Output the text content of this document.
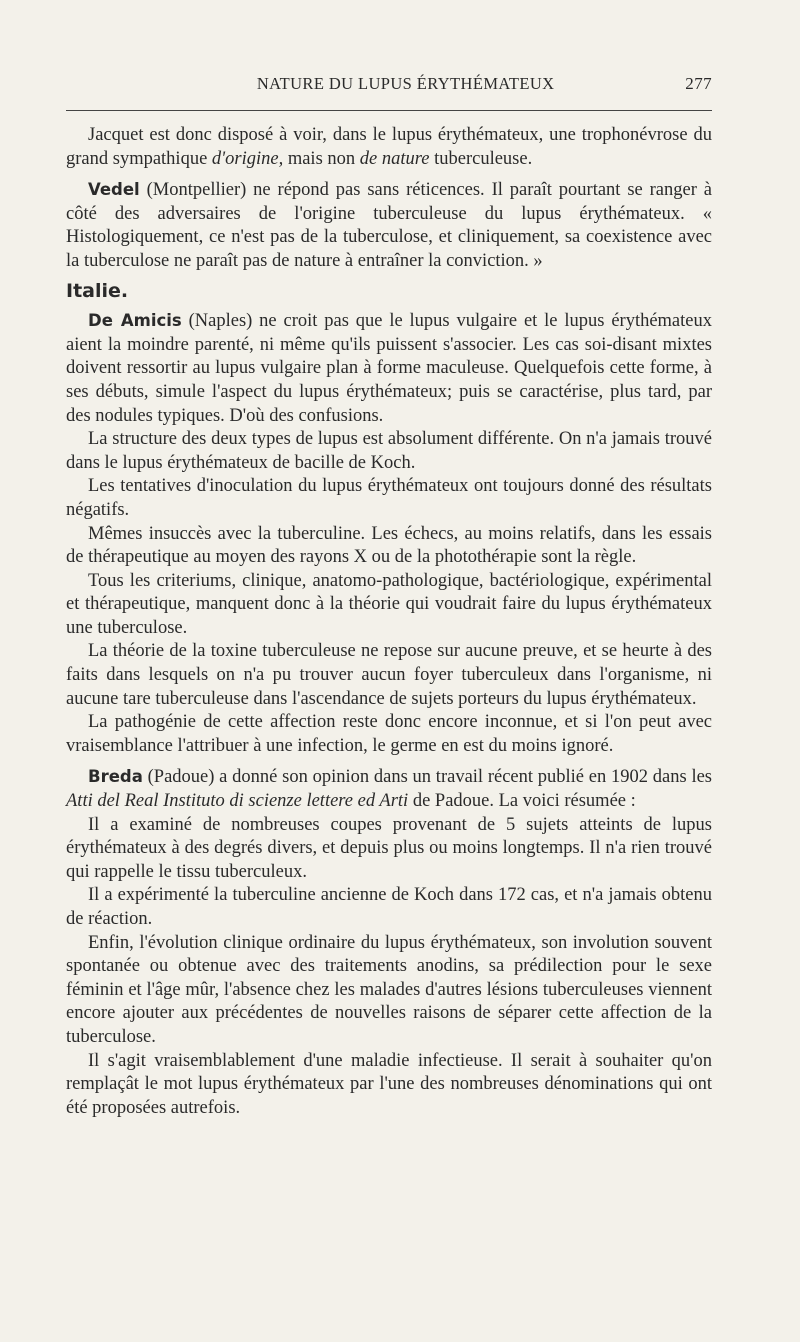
NATURE DU LUPUS ÉRYTHÉMATEUX	277

Jacquet est donc disposé à voir, dans le lupus érythémateux, une trophonévrose du grand sympathique d'origine, mais non de nature tuberculeuse.

Vedel (Montpellier) ne répond pas sans réticences. Il paraît pourtant se ranger à côté des adversaires de l'origine tuberculeuse du lupus érythémateux. « Histologiquement, ce n'est pas de la tuberculose, et cliniquement, sa coexistence avec la tuberculose ne paraît pas de nature à entraîner la conviction. »

Italie.

De Amicis (Naples) ne croit pas que le lupus vulgaire et le lupus érythémateux aient la moindre parenté, ni même qu'ils puissent s'associer. Les cas soi-disant mixtes doivent ressortir au lupus vulgaire plan à forme maculeuse. Quelquefois cette forme, à ses débuts, simule l'aspect du lupus érythémateux; puis se caractérise, plus tard, par des nodules typiques. D'où des confusions.

La structure des deux types de lupus est absolument différente. On n'a jamais trouvé dans le lupus érythémateux de bacille de Koch.

Les tentatives d'inoculation du lupus érythémateux ont toujours donné des résultats négatifs.

Mêmes insuccès avec la tuberculine. Les échecs, au moins relatifs, dans les essais de thérapeutique au moyen des rayons X ou de la photothérapie sont la règle.

Tous les criteriums, clinique, anatomo-pathologique, bactériologique, expérimental et thérapeutique, manquent donc à la théorie qui voudrait faire du lupus érythémateux une tuberculose.

La théorie de la toxine tuberculeuse ne repose sur aucune preuve, et se heurte à des faits dans lesquels on n'a pu trouver aucun foyer tuberculeux dans l'organisme, ni aucune tare tuberculeuse dans l'ascendance de sujets porteurs du lupus érythémateux.

La pathogénie de cette affection reste donc encore inconnue, et si l'on peut avec vraisemblance l'attribuer à une infection, le germe en est du moins ignoré.

Breda (Padoue) a donné son opinion dans un travail récent publié en 1902 dans les Atti del Real Instituto di scienze lettere ed Arti de Padoue. La voici résumée :

Il a examiné de nombreuses coupes provenant de 5 sujets atteints de lupus érythémateux à des degrés divers, et depuis plus ou moins longtemps. Il n'a rien trouvé qui rappelle le tissu tuberculeux.

Il a expérimenté la tuberculine ancienne de Koch dans 172 cas, et n'a jamais obtenu de réaction.

Enfin, l'évolution clinique ordinaire du lupus érythémateux, son involution souvent spontanée ou obtenue avec des traitements anodins, sa prédilection pour le sexe féminin et l'âge mûr, l'absence chez les malades d'autres lésions tuberculeuses viennent encore ajouter aux précédentes de nouvelles raisons de séparer cette affection de la tuberculose.

Il s'agit vraisemblablement d'une maladie infectieuse. Il serait à souhaiter qu'on remplaçât le mot lupus érythémateux par l'une des nombreuses dénominations qui ont été proposées autrefois.
